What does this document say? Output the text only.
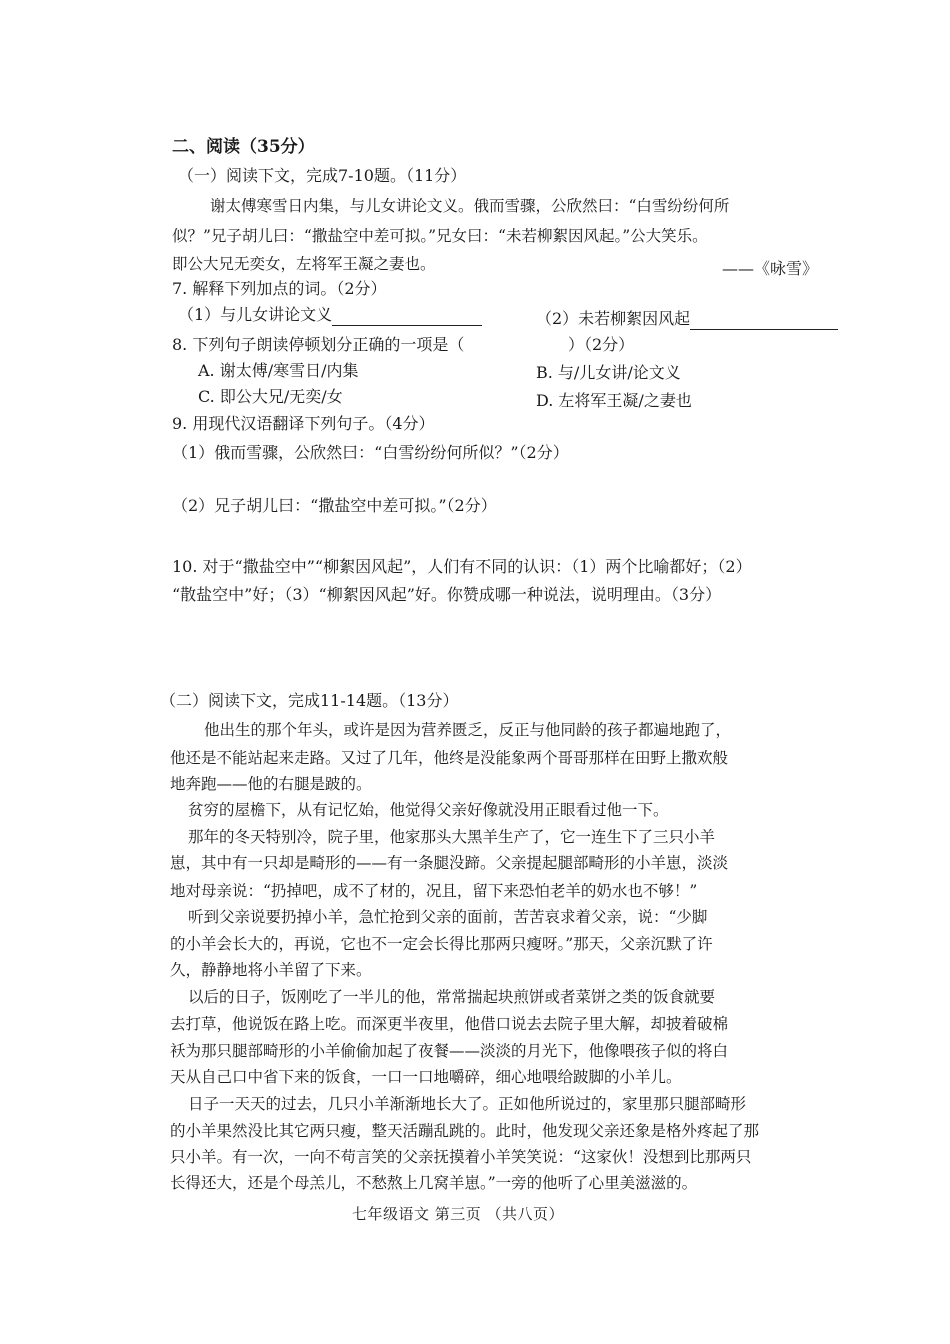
二、阅读（35分）
（一）阅读下文，完成7-10题。（11分）
谢太傅寒雪日内集，与儿女讲论文义。俄而雪骤，公欣然曰：“白雪纷纷何所
似？”兄子胡儿曰：“撒盐空中差可拟。”兄女曰：“未若柳絮因风起。”公大笑乐。
即公大兄无奕女，左将军王凝之妻也。	——《咏雪》
7. 解释下列加点的词。（2分）
（1）与儿女讲论文义	（2）未若柳絮因风起
8. 下列句子朗读停顿划分正确的一项是（	）（2分）
A. 谢太傅/寒雪日/内集	B. 与/儿女讲/论文义
C. 即公大兄/无奕/女	D. 左将军王凝/之妻也
9. 用现代汉语翻译下列句子。（4分）
（1）俄而雪骤，公欣然曰：“白雪纷纷何所似？”（2分）
（2）兄子胡儿曰：“撒盐空中差可拟。”（2分）
10. 对于“撒盐空中”“柳絮因风起”，人们有不同的认识：（1）两个比喻都好；（2）
“散盐空中”好；（3）“柳絮因风起”好。你赞成哪一种说法，说明理由。（3分）
（二）阅读下文，完成11-14题。（13分）
他出生的那个年头，或许是因为营养匮乏，反正与他同龄的孩子都遍地跑了，
他还是不能站起来走路。又过了几年，他终是没能象两个哥哥那样在田野上撒欢般
地奔跑——他的右腿是跛的。
贫穷的屋檐下，从有记忆始，他觉得父亲好像就没用正眼看过他一下。
那年的冬天特别冷，院子里，他家那头大黑羊生产了，它一连生下了三只小羊
崽，其中有一只却是畸形的——有一条腿没蹄。父亲提起腿部畸形的小羊崽，淡淡
地对母亲说：“扔掉吧，成不了材的，况且，留下来恐怕老羊的奶水也不够！”
听到父亲说要扔掉小羊，急忙抢到父亲的面前，苦苦哀求着父亲，说：“少脚
的小羊会长大的，再说，它也不一定会长得比那两只瘦呀。”那天，父亲沉默了许
久，静静地将小羊留了下来。
以后的日子，饭刚吃了一半儿的他，常常揣起块煎饼或者菜饼之类的饭食就要
去打草，他说饭在路上吃。而深更半夜里，他借口说去去院子里大解，却披着破棉
袄为那只腿部畸形的小羊偷偷加起了夜餐——淡淡的月光下，他像喂孩子似的将白
天从自己口中省下来的饭食，一口一口地嚼碎，细心地喂给跛脚的小羊儿。
日子一天天的过去，几只小羊渐渐地长大了。正如他所说过的，家里那只腿部畸形
的小羊果然没比其它两只瘦，整天活蹦乱跳的。此时，他发现父亲还象是格外疼起了那
只小羊。有一次，一向不苟言笑的父亲抚摸着小羊笑笑说：“这家伙！没想到比那两只
长得还大，还是个母羔儿，不愁熬上几窝羊崽。”一旁的他听了心里美滋滋的。
七年级语文 第三页 （共八页）
